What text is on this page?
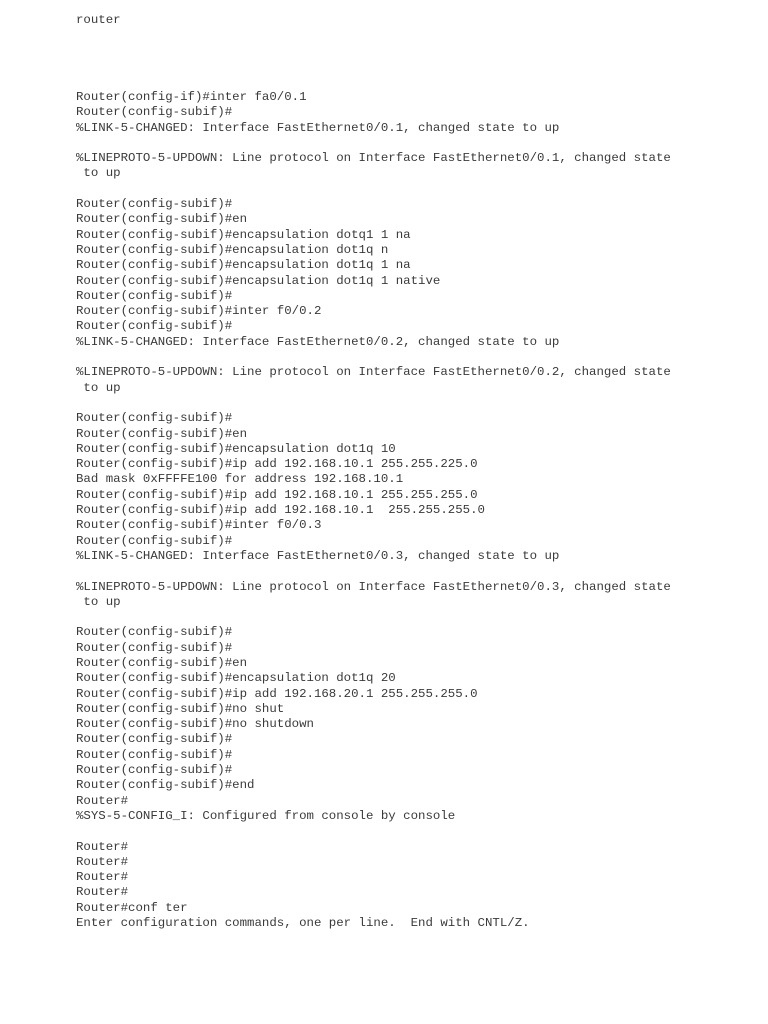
router
Router(config-if)#inter fa0/0.1
Router(config-subif)#
%LINK-5-CHANGED: Interface FastEthernet0/0.1, changed state to up
%LINEPROTO-5-UPDOWN: Line protocol on Interface FastEthernet0/0.1, changed state
to up
Router(config-subif)#
Router(config-subif)#en
Router(config-subif)#encapsulation dotq1 1 na
Router(config-subif)#encapsulation dot1q n
Router(config-subif)#encapsulation dot1q 1 na
Router(config-subif)#encapsulation dot1q 1 native
Router(config-subif)#
Router(config-subif)#inter f0/0.2
Router(config-subif)#
%LINK-5-CHANGED: Interface FastEthernet0/0.2, changed state to up
%LINEPROTO-5-UPDOWN: Line protocol on Interface FastEthernet0/0.2, changed state
to up
Router(config-subif)#
Router(config-subif)#en
Router(config-subif)#encapsulation dot1q 10
Router(config-subif)#ip add 192.168.10.1 255.255.225.0
Bad mask 0xFFFFE100 for address 192.168.10.1
Router(config-subif)#ip add 192.168.10.1 255.255.255.0
Router(config-subif)#ip add 192.168.10.1  255.255.255.0
Router(config-subif)#inter f0/0.3
Router(config-subif)#
%LINK-5-CHANGED: Interface FastEthernet0/0.3, changed state to up
%LINEPROTO-5-UPDOWN: Line protocol on Interface FastEthernet0/0.3, changed state
to up
Router(config-subif)#
Router(config-subif)#
Router(config-subif)#en
Router(config-subif)#encapsulation dot1q 20
Router(config-subif)#ip add 192.168.20.1 255.255.255.0
Router(config-subif)#no shut
Router(config-subif)#no shutdown
Router(config-subif)#
Router(config-subif)#
Router(config-subif)#
Router(config-subif)#end
Router#
%SYS-5-CONFIG_I: Configured from console by console
Router#
Router#
Router#
Router#
Router#conf ter
Enter configuration commands, one per line.  End with CNTL/Z.
